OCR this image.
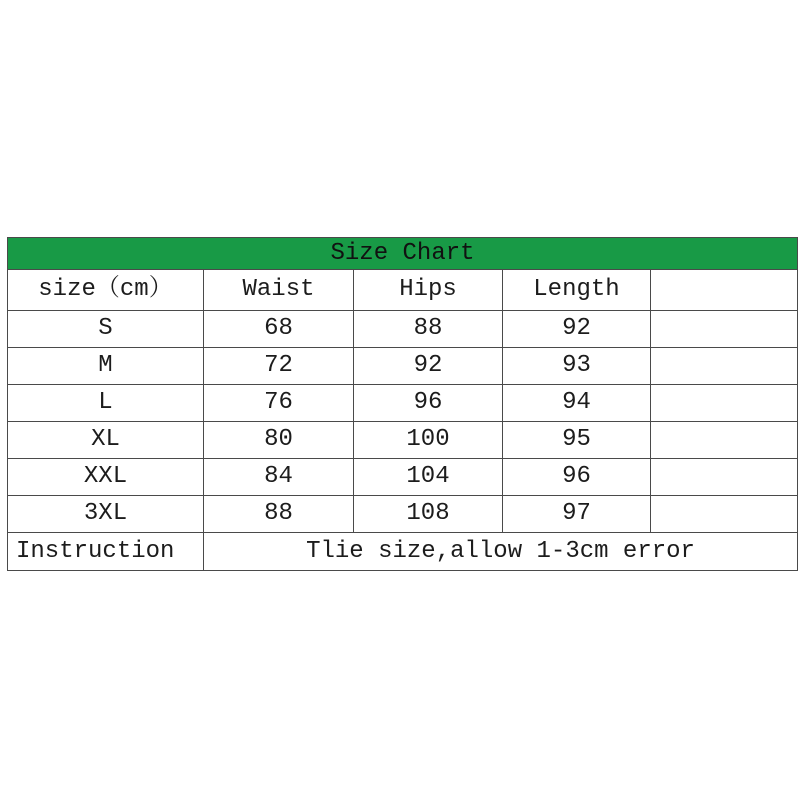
Size Chart				
size（cm）	Waist	Hips	Length	
S	68	88	92	
M	72	92	93	
L	76	96	94	
XL	80	100	95	
XXL	84	104	96	
3XL	88	108	97	
Instruction	Tlie size,allow 1-3cm error			
